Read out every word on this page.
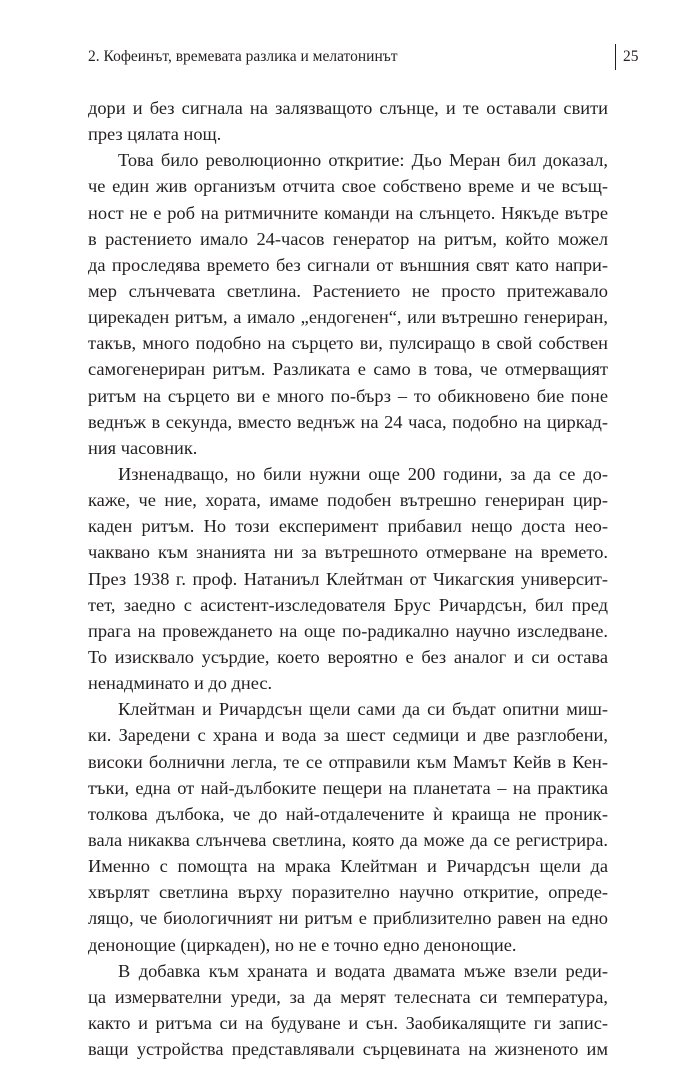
2. Кофеинът, времевата разлика и мелатонинът	25
дори и без сигнала на залязващото слънце, и те оставали свити
през цялата нощ.
Това било революционно откритие: Дьо Меран бил доказал,
че един жив организъм отчита свое собствено време и че всъщ-
ност не е роб на ритмичните команди на слънцето. Някъде вътре
в растението имало 24-часов генератор на ритъм, който можел
да проследява времето без сигнали от външния свят като напри-
мер слънчевата светлина. Растението не просто притежавало
цирекаден ритъм, а имало „ендогенен“, или вътрешно генериран,
такъв, много подобно на сърцето ви, пулсиращо в свой собствен
самогенериран ритъм. Разликата е само в това, че отмерващият
ритъм на сърцето ви е много по-бърз – то обикновено бие поне
веднъж в секунда, вместо веднъж на 24 часа, подобно на циркад-
ния часовник.
Изненадващо, но били нужни още 200 години, за да се до-
каже, че ние, хората, имаме подобен вътрешно генериран цир-
каден ритъм. Но този експеримент прибавил нещо доста нео-
чаквано към знанията ни за вътрешното отмерване на времето.
През 1938 г. проф. Натаниъл Клейтман от Чикагския университ-
тет, заедно с асистент-изследователя Брус Ричардсън, бил пред
прага на провеждането на още по-радикално научно изследване.
То изисквало усърдие, което вероятно е без аналог и си остава
ненадминато и до днес.
Клейтман и Ричардсън щели сами да си бъдат опитни миш-
ки. Заредени с храна и вода за шест седмици и две разглобени,
високи болнични легла, те се отправили към Мамът Кейв в Кен-
тъки, една от най-дълбоките пещери на планетата – на практика
толкова дълбока, че до най-отдалечените ѝ краища не проник-
вала никаква слънчева светлина, която да може да се регистрира.
Именно с помощта на мрака Клейтман и Ричардсън щели да
хвърлят светлина върху поразително научно откритие, опреде-
лящо, че биологичният ни ритъм е приблизително равен на едно
денонощие (циркаден), но не е точно едно денонощие.
В добавка към храната и водата двамата мъже взели реди-
ца измервателни уреди, за да мерят телесната си температура,
както и ритъма си на будуване и сън. Заобикалящите ги запис-
ващи устройства представлявали сърцевината на жизненото им
